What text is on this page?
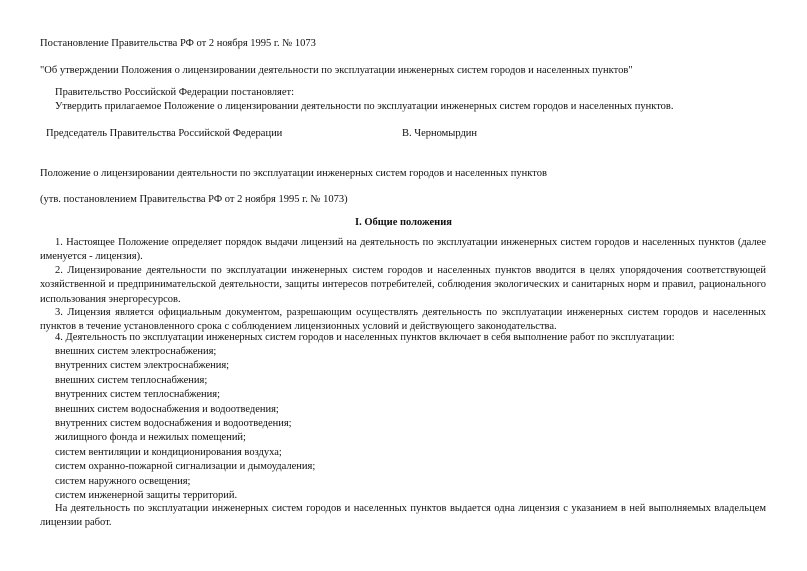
Постановление Правительства РФ от 2 ноября 1995 г. № 1073
"Об утверждении Положения о лицензировании деятельности по эксплуатации инженерных систем городов и населенных пунктов"
Правительство Российской Федерации постановляет:
Утвердить прилагаемое Положение о лицензировании деятельности по эксплуатации инженерных систем городов и населенных пунктов.
Председатель Правительства Российской Федерации	В. Черномырдин
Положение о лицензировании деятельности по эксплуатации инженерных систем городов и населенных пунктов
(утв. постановлением Правительства РФ от 2 ноября 1995 г. № 1073)
I. Общие положения
1. Настоящее Положение определяет порядок выдачи лицензий на деятельность по эксплуатации инженерных систем городов и населенных пунктов (далее именуется - лицензия).
2. Лицензирование деятельности по эксплуатации инженерных систем городов и населенных пунктов вводится в целях упорядочения соответствующей хозяйственной и предпринимательской деятельности, защиты интересов потребителей, соблюдения экологических и санитарных норм и правил, рационального использования энергоресурсов.
3. Лицензия является официальным документом, разрешающим осуществлять деятельность по эксплуатации инженерных систем городов и населенных пунктов в течение установленного срока с соблюдением лицензионных условий и действующего законодательства.
4. Деятельность по эксплуатации инженерных систем городов и населенных пунктов включает в себя выполнение работ по эксплуатации:
внешних систем электроснабжения;
внутренних систем электроснабжения;
внешних систем теплоснабжения;
внутренних систем теплоснабжения;
внешних систем водоснабжения и водоотведения;
внутренних систем водоснабжения и водоотведения;
жилищного фонда и нежилых помещений;
систем вентиляции и кондиционирования воздуха;
систем охранно-пожарной сигнализации и дымоудаления;
систем наружного освещения;
систем инженерной защиты территорий.
На деятельность по эксплуатации инженерных систем городов и населенных пунктов выдается одна лицензия с указанием в ней выполняемых владельцем лицензии работ.
